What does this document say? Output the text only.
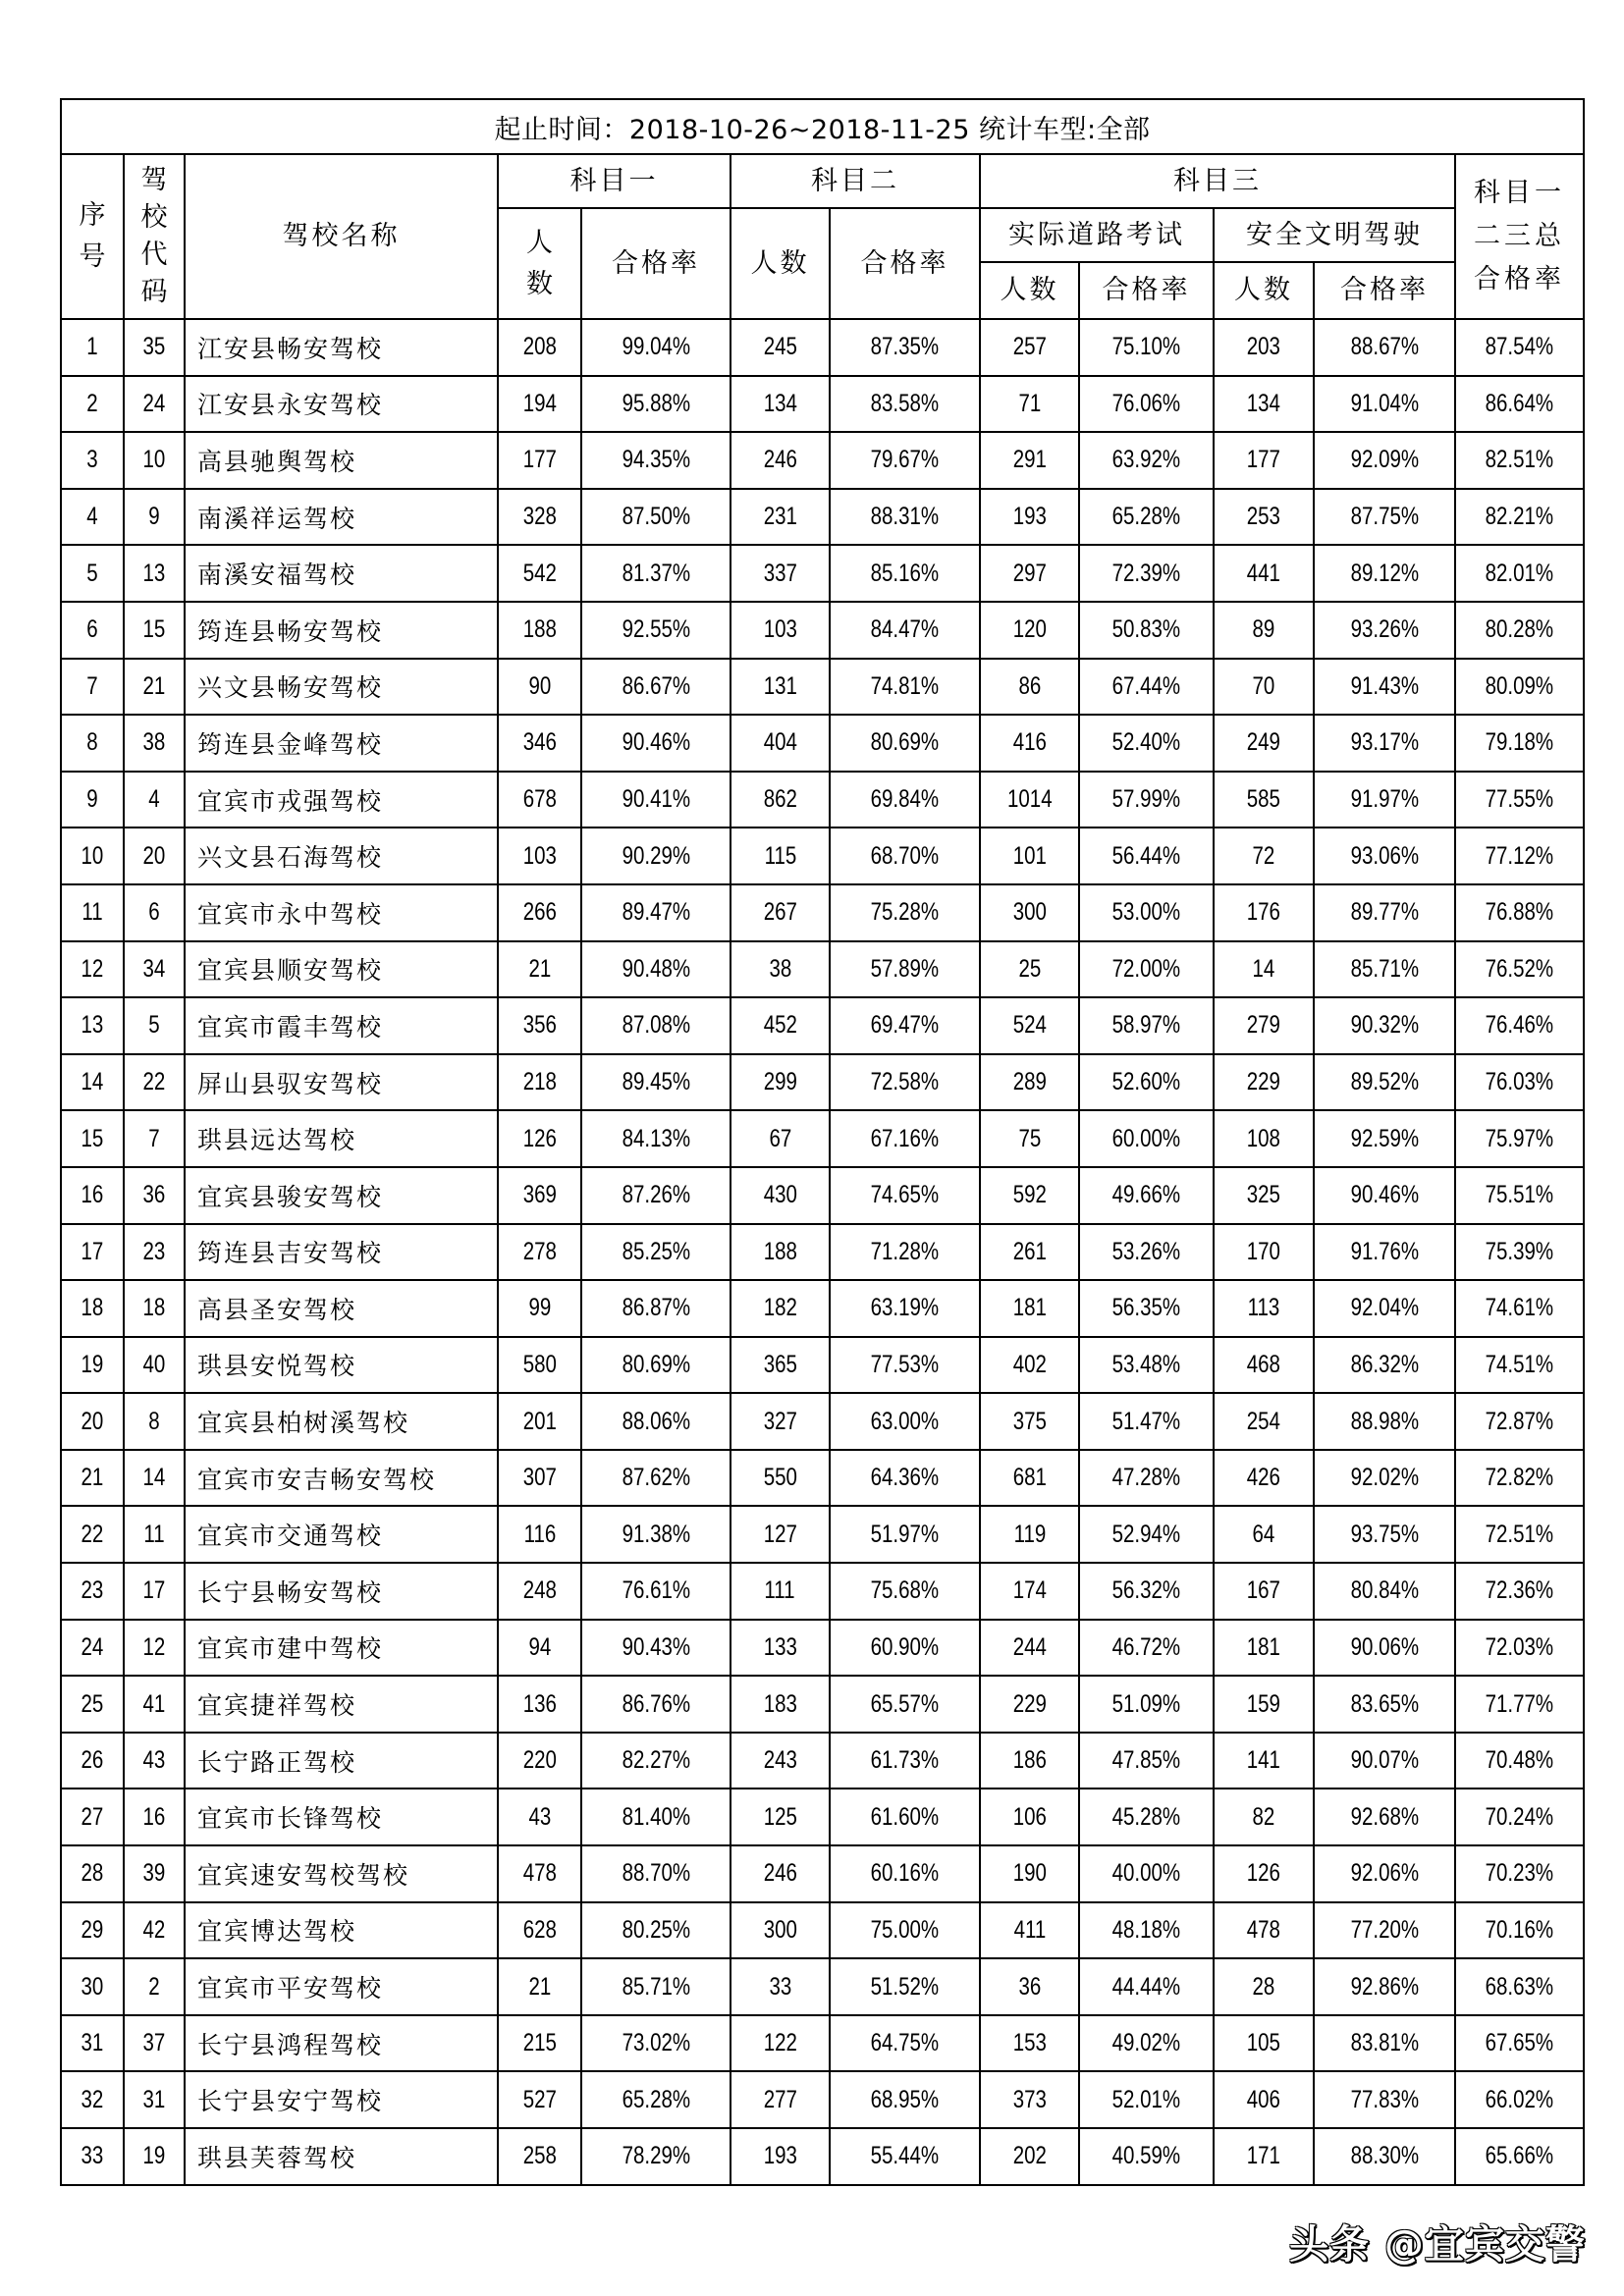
起止时间：2018-10-26~2018-11-25 统计车型:全部											
序号	驾校代码	驾校名称	科目一		科目二		科目三				科目一二三总合格率

			人数	合格率	人数	合格率	实际道路考试		安全文明驾驶		
							人数	合格率	人数	合格率	
1	35	江安县畅安驾校	208	99.04%	245	87.35%	257	75.10%	203	88.67%	87.54%
2	24	江安县永安驾校	194	95.88%	134	83.58%	71	76.06%	134	91.04%	86.64%
3	10	高县驰舆驾校	177	94.35%	246	79.67%	291	63.92%	177	92.09%	82.51%
4	9	南溪祥运驾校	328	87.50%	231	88.31%	193	65.28%	253	87.75%	82.21%
5	13	南溪安福驾校	542	81.37%	337	85.16%	297	72.39%	441	89.12%	82.01%
6	15	筠连县畅安驾校	188	92.55%	103	84.47%	120	50.83%	89	93.26%	80.28%
7	21	兴文县畅安驾校	90	86.67%	131	74.81%	86	67.44%	70	91.43%	80.09%
8	38	筠连县金峰驾校	346	90.46%	404	80.69%	416	52.40%	249	93.17%	79.18%
9	4	宜宾市戎强驾校	678	90.41%	862	69.84%	1014	57.99%	585	91.97%	77.55%
10	20	兴文县石海驾校	103	90.29%	115	68.70%	101	56.44%	72	93.06%	77.12%
11	6	宜宾市永中驾校	266	89.47%	267	75.28%	300	53.00%	176	89.77%	76.88%
12	34	宜宾县顺安驾校	21	90.48%	38	57.89%	25	72.00%	14	85.71%	76.52%
13	5	宜宾市霞丰驾校	356	87.08%	452	69.47%	524	58.97%	279	90.32%	76.46%
14	22	屏山县驭安驾校	218	89.45%	299	72.58%	289	52.60%	229	89.52%	76.03%
15	7	珙县远达驾校	126	84.13%	67	67.16%	75	60.00%	108	92.59%	75.97%
16	36	宜宾县骏安驾校	369	87.26%	430	74.65%	592	49.66%	325	90.46%	75.51%
17	23	筠连县吉安驾校	278	85.25%	188	71.28%	261	53.26%	170	91.76%	75.39%
18	18	高县圣安驾校	99	86.87%	182	63.19%	181	56.35%	113	92.04%	74.61%
19	40	珙县安悦驾校	580	80.69%	365	77.53%	402	53.48%	468	86.32%	74.51%
20	8	宜宾县柏树溪驾校	201	88.06%	327	63.00%	375	51.47%	254	88.98%	72.87%
21	14	宜宾市安吉畅安驾校	307	87.62%	550	64.36%	681	47.28%	426	92.02%	72.82%
22	11	宜宾市交通驾校	116	91.38%	127	51.97%	119	52.94%	64	93.75%	72.51%
23	17	长宁县畅安驾校	248	76.61%	111	75.68%	174	56.32%	167	80.84%	72.36%
24	12	宜宾市建中驾校	94	90.43%	133	60.90%	244	46.72%	181	90.06%	72.03%
25	41	宜宾捷祥驾校	136	86.76%	183	65.57%	229	51.09%	159	83.65%	71.77%
26	43	长宁路正驾校	220	82.27%	243	61.73%	186	47.85%	141	90.07%	70.48%
27	16	宜宾市长锋驾校	43	81.40%	125	61.60%	106	45.28%	82	92.68%	70.24%
28	39	宜宾速安驾校驾校	478	88.70%	246	60.16%	190	40.00%	126	92.06%	70.23%
29	42	宜宾博达驾校	628	80.25%	300	75.00%	411	48.18%	478	77.20%	70.16%
30	2	宜宾市平安驾校	21	85.71%	33	51.52%	36	44.44%	28	92.86%	68.63%
31	37	长宁县鸿程驾校	215	73.02%	122	64.75%	153	49.02%	105	83.81%	67.65%
32	31	长宁县安宁驾校	527	65.28%	277	68.95%	373	52.01%	406	77.83%	66.02%
33	19	珙县芙蓉驾校	258	78.29%	193	55.44%	202	40.59%	171	88.30%	65.66%
头条 @宜宾交警
